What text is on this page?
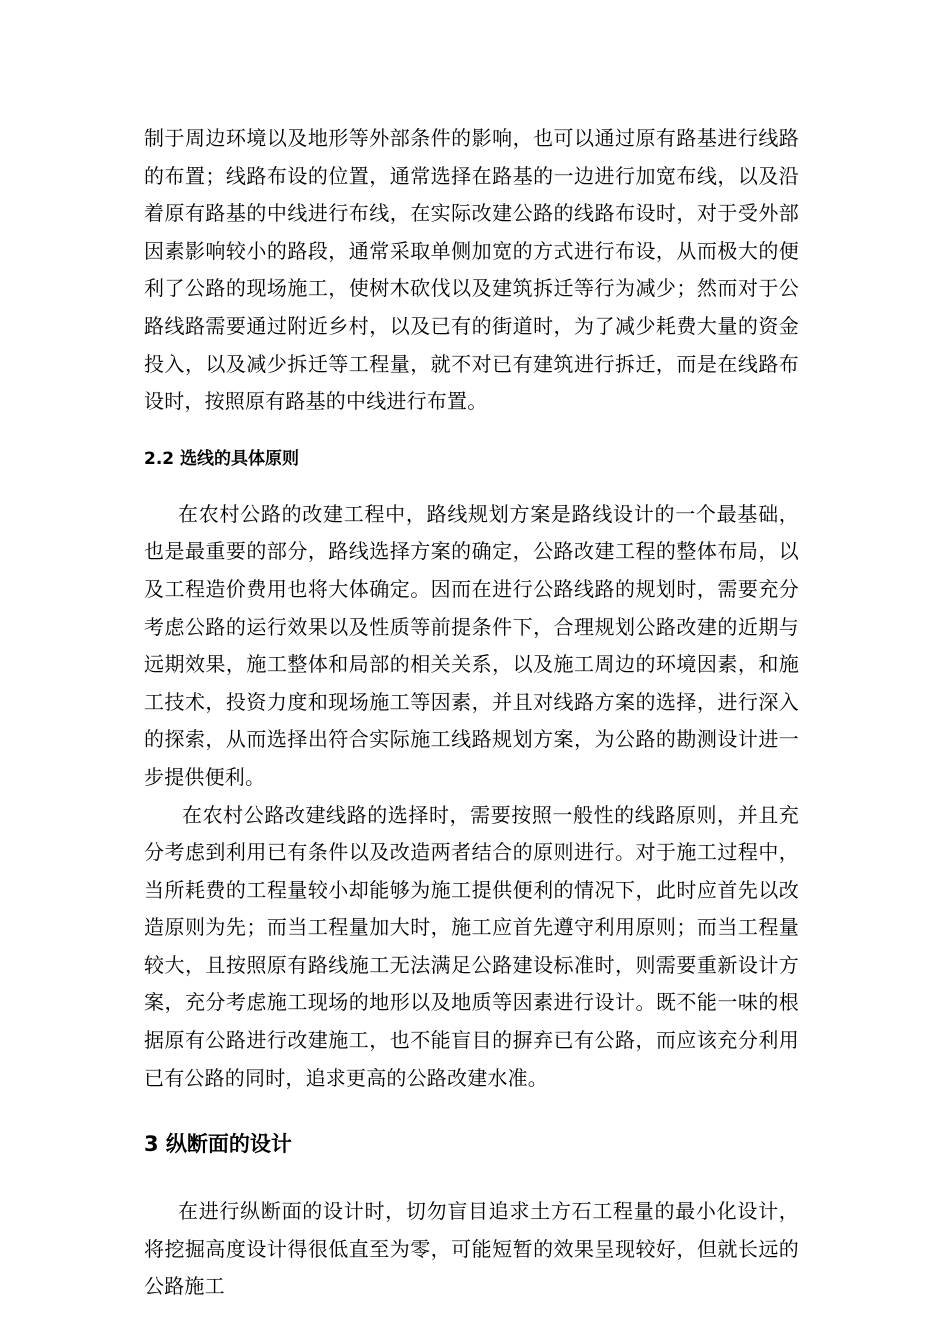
制于周边环境以及地形等外部条件的影响，也可以通过原有路基进行线路的布置；线路布设的位置，通常选择在路基的一边进行加宽布线，以及沿着原有路基的中线进行布线，在实际改建公路的线路布设时，对于受外部因素影响较小的路段，通常采取单侧加宽的方式进行布设，从而极大的便利了公路的现场施工，使树木砍伐以及建筑拆迁等行为减少；然而对于公路线路需要通过附近乡村，以及已有的街道时，为了减少耗费大量的资金投入，以及减少拆迁等工程量，就不对已有建筑进行拆迁，而是在线路布设时，按照原有路基的中线进行布置。

2.2 选线的具体原则

在农村公路的改建工程中，路线规划方案是路线设计的一个最基础，也是最重要的部分，路线选择方案的确定，公路改建工程的整体布局，以及工程造价费用也将大体确定。因而在进行公路线路的规划时，需要充分考虑公路的运行效果以及性质等前提条件下，合理规划公路改建的近期与远期效果，施工整体和局部的相关关系，以及施工周边的环境因素，和施工技术，投资力度和现场施工等因素，并且对线路方案的选择，进行深入的探索，从而选择出符合实际施工线路规划方案，为公路的勘测设计进一步提供便利。

在农村公路改建线路的选择时，需要按照一般性的线路原则，并且充分考虑到利用已有条件以及改造两者结合的原则进行。对于施工过程中，当所耗费的工程量较小却能够为施工提供便利的情况下，此时应首先以改造原则为先；而当工程量加大时，施工应首先遵守利用原则；而当工程量较大，且按照原有路线施工无法满足公路建设标准时，则需要重新设计方案，充分考虑施工现场的地形以及地质等因素进行设计。既不能一味的根据原有公路进行改建施工，也不能盲目的摒弃已有公路，而应该充分利用已有公路的同时，追求更高的公路改建水准。

3 纵断面的设计

在进行纵断面的设计时，切勿盲目追求土方石工程量的最小化设计，将挖掘高度设计得很低直至为零，可能短暂的效果呈现较好，但就长远的公路施工
